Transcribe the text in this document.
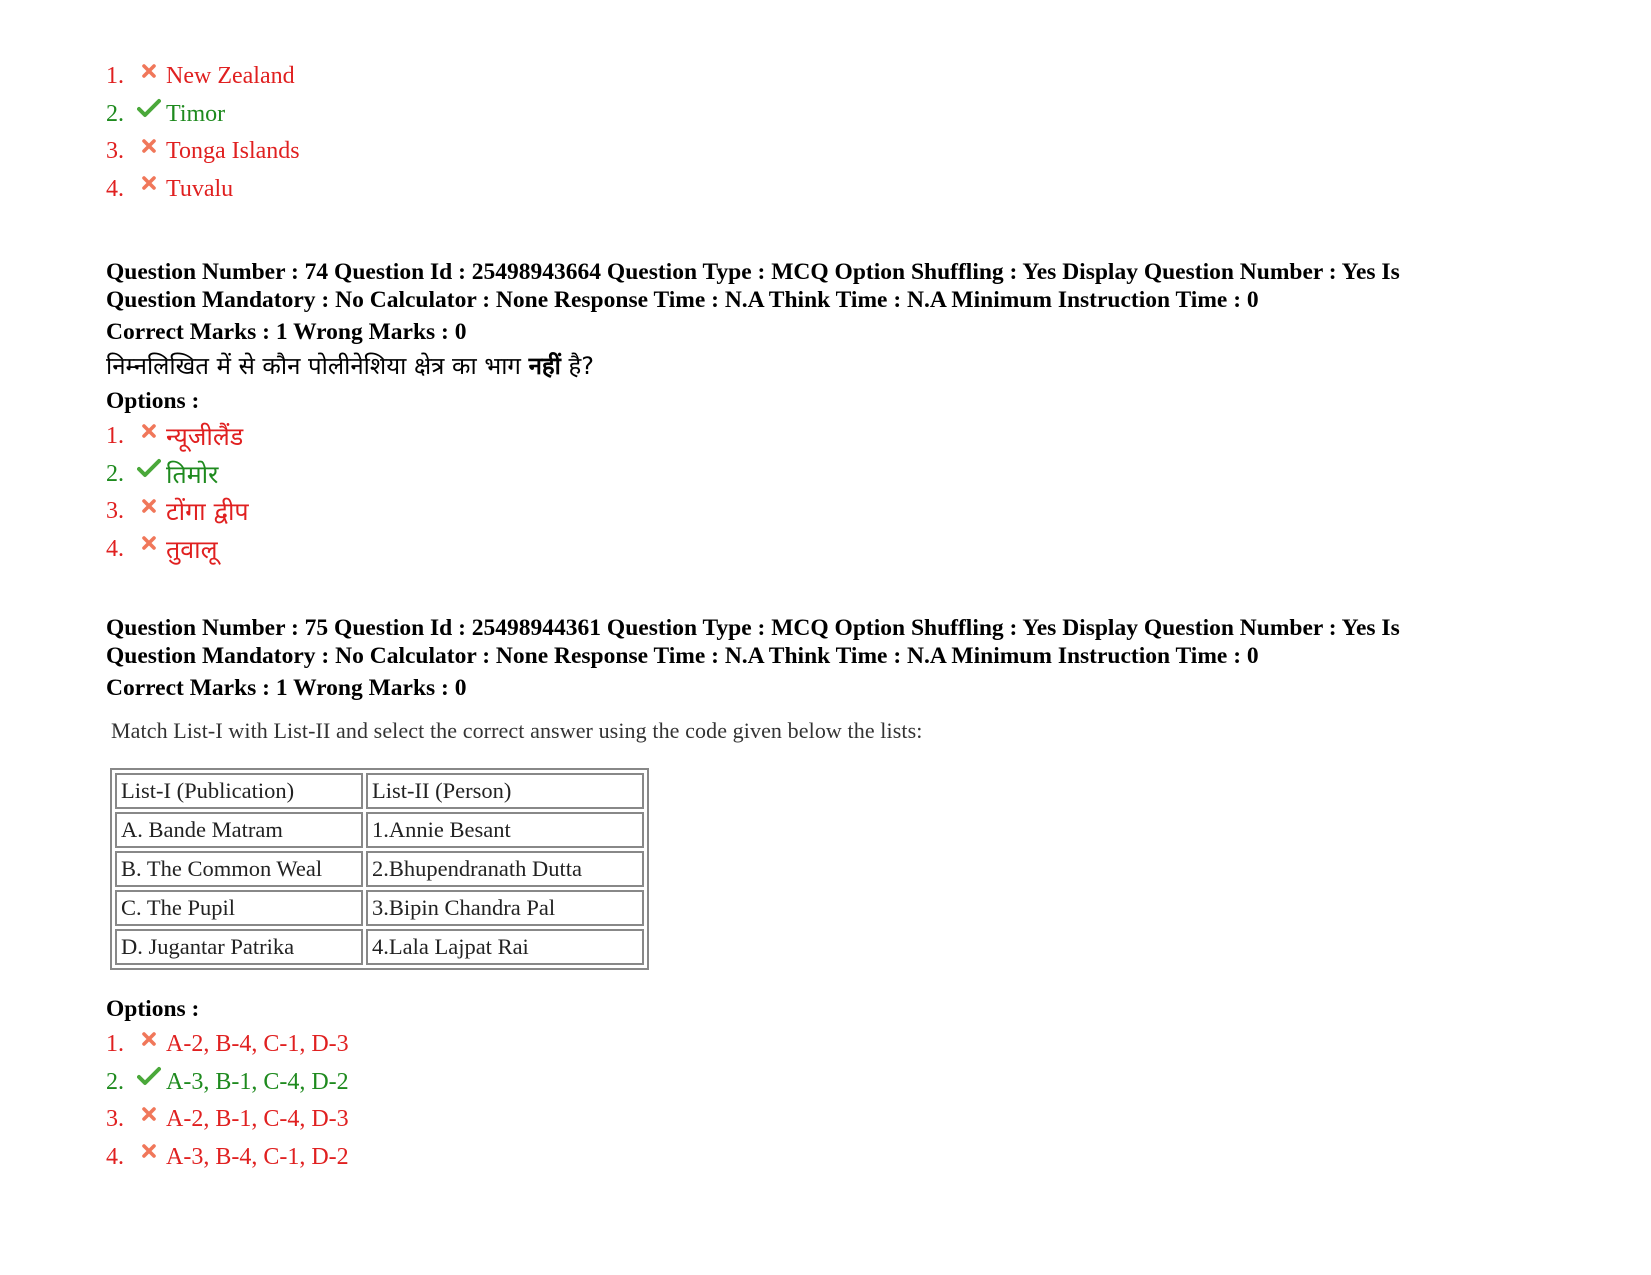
1.	New Zealand
2.	Timor
3.	Tonga Islands
4.	Tuvalu
Question Number : 74 Question Id : 25498943664 Question Type : MCQ Option Shuffling : Yes Display Question Number : Yes Is
Question Mandatory : No Calculator : None Response Time : N.A Think Time : N.A Minimum Instruction Time : 0
Correct Marks : 1 Wrong Marks : 0
निम्नलिखित में से कौन पोलीनेशिया क्षेत्र का भाग नहीं है?
Options :
1.	न्यूजीलैंड
2.	तिमोर
3.	टोंगा द्वीप
4.	तुवालू
Question Number : 75 Question Id : 25498944361 Question Type : MCQ Option Shuffling : Yes Display Question Number : Yes Is
Question Mandatory : No Calculator : None Response Time : N.A Think Time : N.A Minimum Instruction Time : 0
Correct Marks : 1 Wrong Marks : 0
Match List-I with List-II and select the correct answer using the code given below the lists:
List-I (Publication)	List-II (Person)
A. Bande Matram	1.Annie Besant
B. The Common Weal	2.Bhupendranath Dutta
C. The Pupil	3.Bipin Chandra Pal
D. Jugantar Patrika	4.Lala Lajpat Rai
Options :
1.	A-2, B-4, C-1, D-3
2.	A-3, B-1, C-4, D-2
3.	A-2, B-1, C-4, D-3
4.	A-3, B-4, C-1, D-2
